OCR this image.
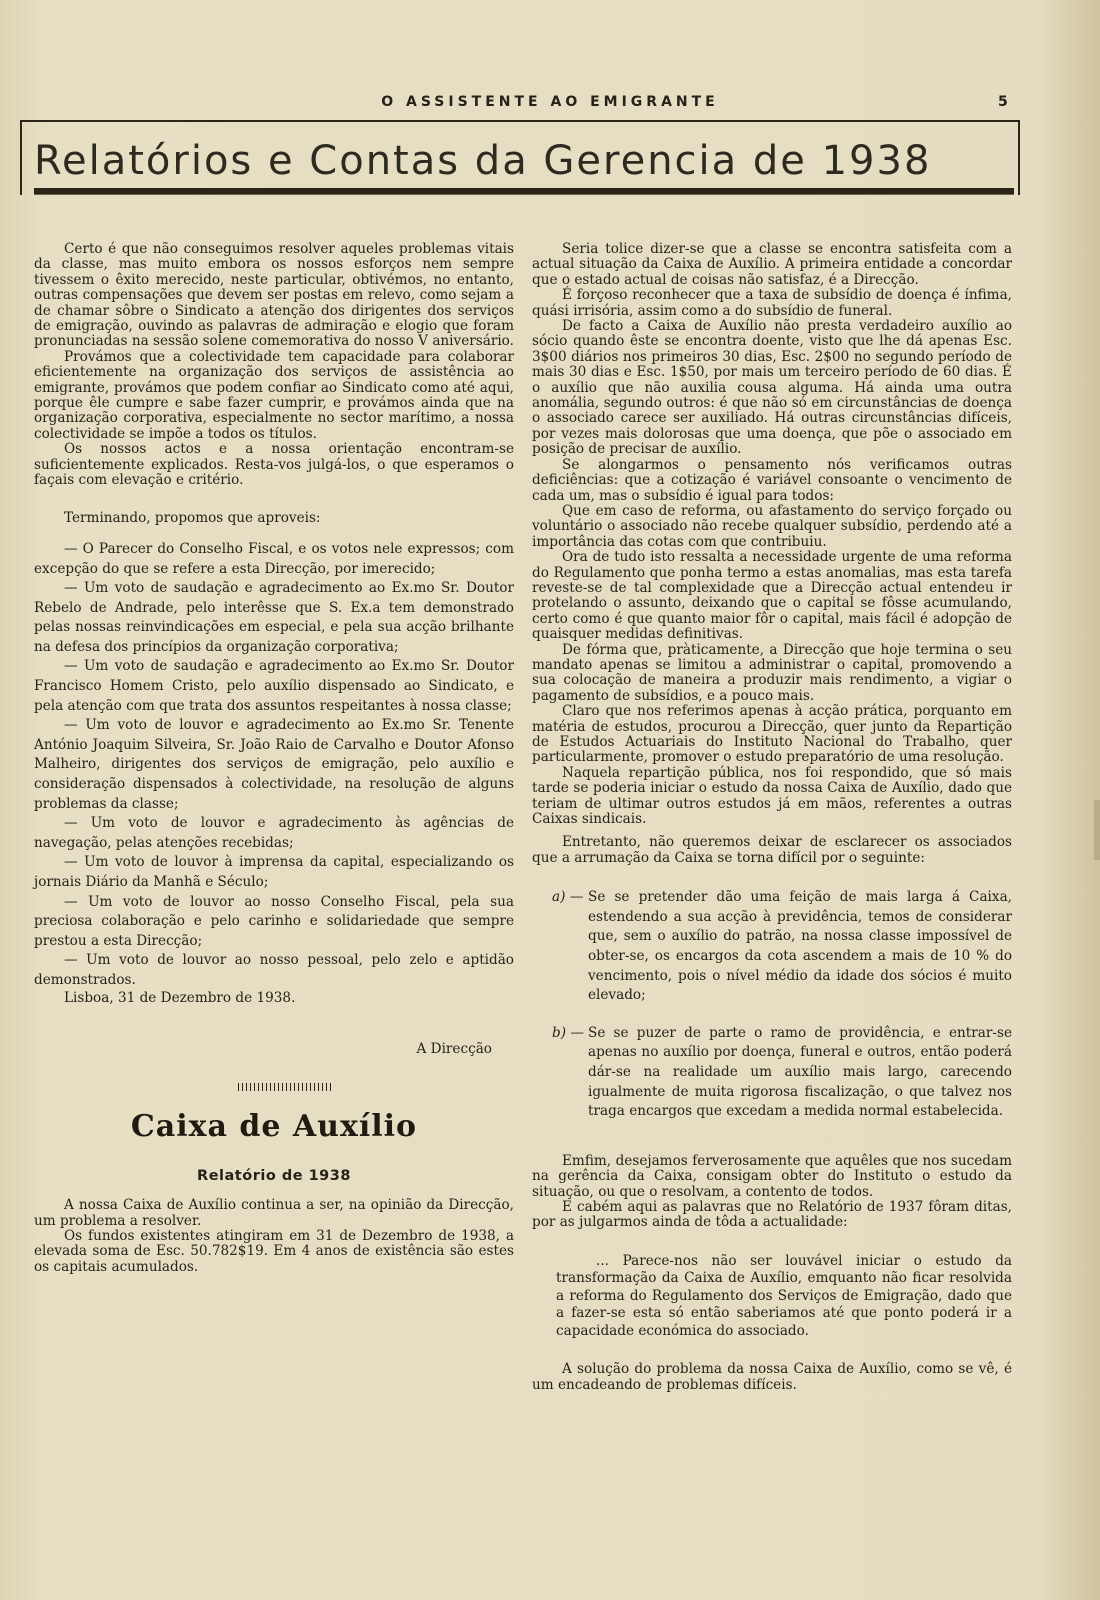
O ASSISTENTE AO EMIGRANTE	5
Relatórios e Contas da Gerencia de 1938

Certo é que não conseguimos resolver aqueles problemas vitais da classe, mas muito embora os nossos esforços nem sempre tivessem o êxito merecido, neste particular, obtivémos, no entanto, outras compensações que devem ser postas em relevo, como sejam a de chamar sôbre o Sindicato a atenção dos dirigentes dos serviços de emigração, ouvindo as palavras de admiração e elogio que foram pronunciadas na sessão solene comemorativa do nosso V aniversário.

Provámos que a colectividade tem capacidade para colaborar eficientemente na organização dos serviços de assistência ao emigrante, provámos que podem confiar ao Sindicato como até aqui, porque êle cumpre e sabe fazer cumprir, e provámos ainda que na organização corporativa, especialmente no sector marítimo, a nossa colectividade se impõe a todos os títulos.

Os nossos actos e a nossa orientação encontram-se suficientemente explicados. Resta-vos julgá-los, o que esperamos o façais com elevação e critério.

Terminando, propomos que aproveis:

— O Parecer do Conselho Fiscal, e os votos nele expressos; com excepção do que se refere a esta Direcção, por imerecido;

— Um voto de saudação e agradecimento ao Ex.mo Sr. Doutor Rebelo de Andrade, pelo interêsse que S. Ex.a tem demonstrado pelas nossas reinvindicações em especial, e pela sua acção brilhante na defesa dos princípios da organização corporativa;

— Um voto de saudação e agradecimento ao Ex.mo Sr. Doutor Francisco Homem Cristo, pelo auxílio dispensado ao Sindicato, e pela atenção com que trata dos assuntos respeitantes à nossa classe;

— Um voto de louvor e agradecimento ao Ex.mo Sr. Tenente António Joaquim Silveira, Sr. João Raio de Carvalho e Doutor Afonso Malheiro, dirigentes dos serviços de emigração, pelo auxílio e consideração dispensados à colectividade, na resolução de alguns problemas da classe;

— Um voto de louvor e agradecimento às agências de navegação, pelas atenções recebidas;

— Um voto de louvor à imprensa da capital, especializando os jornais Diário da Manhã e Século;

— Um voto de louvor ao nosso Conselho Fiscal, pela sua preciosa colaboração e pelo carinho e solidariedade que sempre prestou a esta Direcção;

— Um voto de louvor ao nosso pessoal, pelo zelo e aptidão demonstrados.

Lisboa, 31 de Dezembro de 1938.

A Direcção
Caixa de Auxílio
Relatório de 1938

A nossa Caixa de Auxílio continua a ser, na opinião da Direcção, um problema a resolver.

Os fundos existentes atingiram em 31 de Dezembro de 1938, a elevada soma de Esc. 50.782$19. Em 4 anos de existência são estes os capitais acumulados.

Seria tolice dizer-se que a classe se encontra satisfeita com a actual situação da Caixa de Auxílio. A primeira entidade a concordar que o estado actual de coisas não satisfaz, é a Direcção.

É forçoso reconhecer que a taxa de subsídio de doença é ínfima, quási irrisória, assim como a do subsídio de funeral.

De facto a Caixa de Auxílio não presta verdadeiro auxílio ao sócio quando êste se encontra doente, visto que lhe dá apenas Esc. 3$00 diários nos primeiros 30 dias, Esc. 2$00 no segundo período de mais 30 dias e Esc. 1$50, por mais um terceiro período de 60 dias. É o auxílio que não auxilia cousa alguma. Há ainda uma outra anomália, segundo outros: é que não só em circunstâncias de doença o associado carece ser auxiliado. Há outras circunstâncias difíceis, por vezes mais dolorosas que uma doença, que põe o associado em posição de precisar de auxílio.

Se alongarmos o pensamento nós verificamos outras deficiências: que a cotização é variável consoante o vencimento de cada um, mas o subsídio é igual para todos:

Que em caso de reforma, ou afastamento do serviço forçado ou voluntário o associado não recebe qualquer subsídio, perdendo até a importância das cotas com que contribuiu.

Ora de tudo isto ressalta a necessidade urgente de uma reforma do Regulamento que ponha termo a estas anomalias, mas esta tarefa reveste-se de tal complexidade que a Direcção actual entendeu ir protelando o assunto, deixando que o capital se fôsse acumulando, certo como é que quanto maior fôr o capital, mais fácil é adopção de quaisquer medidas definitivas.

De fórma que, pràticamente, a Direcção que hoje termina o seu mandato apenas se limitou a administrar o capital, promovendo a sua colocação de maneira a produzir mais rendimento, a vigiar o pagamento de subsídios, e a pouco mais.

Claro que nos referimos apenas à acção prática, porquanto em matéria de estudos, procurou a Direcção, quer junto da Repartição de Estudos Actuariais do Instituto Nacional do Trabalho, quer particularmente, promover o estudo preparatório de uma resolução.

Naquela repartição pública, nos foi respondido, que só mais tarde se poderia iniciar o estudo da nossa Caixa de Auxílio, dado que teriam de ultimar outros estudos já em mãos, referentes a outras Caixas sindicais.

Entretanto, não queremos deixar de esclarecer os associados que a arrumação da Caixa se torna difícil por o seguinte:

a) — Se se pretender dão uma feição de mais larga á Caixa, estendendo a sua acção à previdência, temos de considerar que, sem o auxílio do patrão, na nossa classe impossível de obter-se, os encargos da cota ascendem a mais de 10 % do vencimento, pois o nível médio da idade dos sócios é muito elevado;

b) — Se se puzer de parte o ramo de providência, e entrar-se apenas no auxílio por doença, funeral e outros, então poderá dár-se na realidade um auxílio mais largo, carecendo igualmente de muita rigorosa fiscalização, o que talvez nos traga encargos que excedam a medida normal estabelecida.

Emfim, desejamos ferverosamente que aquêles que nos sucedam na gerência da Caixa, consigam obter do Instituto o estudo da situação, ou que o resolvam, a contento de todos.

E cabém aqui as palavras que no Relatório de 1937 fôram ditas, por as julgarmos ainda de tôda a actualidade:

... Parece-nos não ser louvável iniciar o estudo da transformação da Caixa de Auxílio, emquanto não ficar resolvida a reforma do Regulamento dos Serviços de Emigração, dado que a fazer-se esta só então saberiamos até que ponto poderá ir a capacidade económica do associado.

A solução do problema da nossa Caixa de Auxílio, como se vê, é um encadeando de problemas difíceis.
